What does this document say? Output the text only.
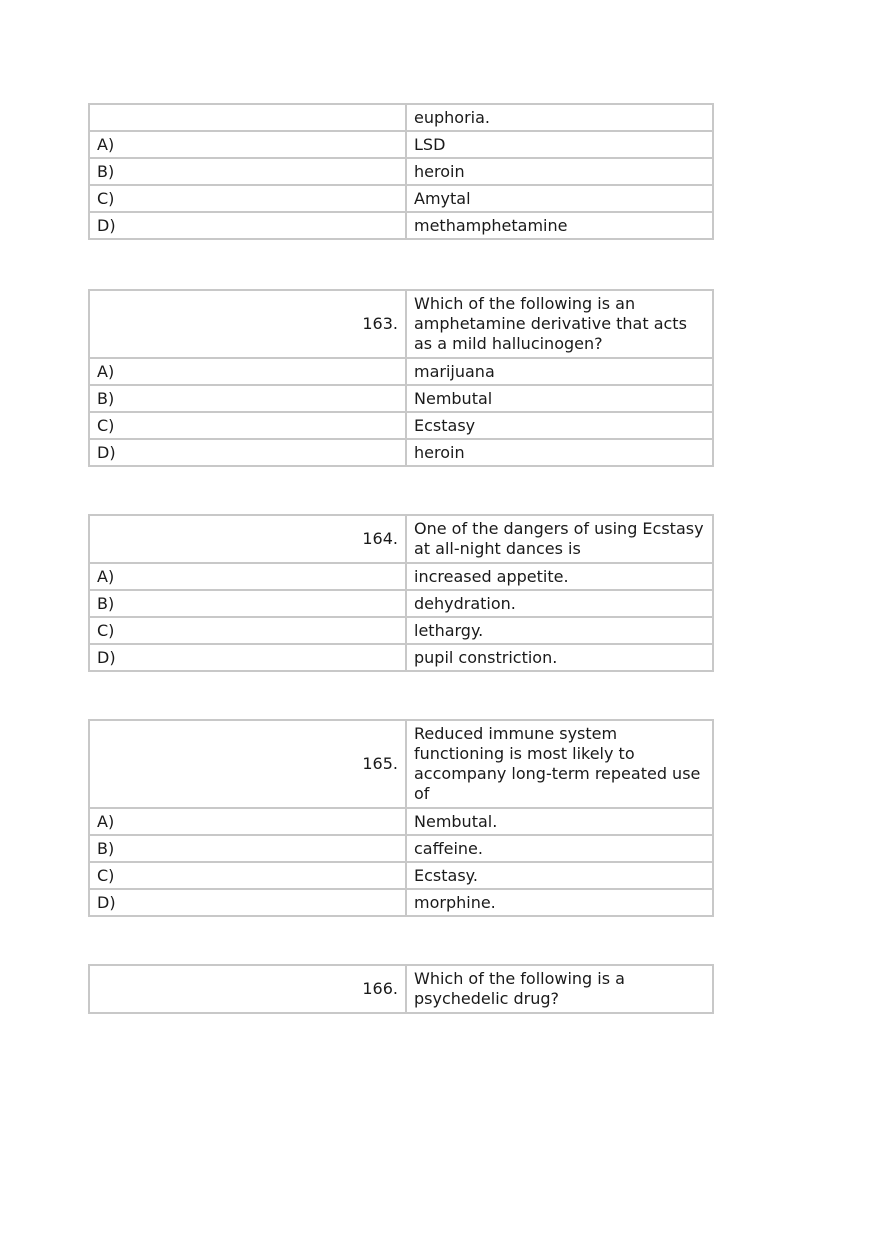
	euphoria.
A)	LSD
B)	heroin
C)	Amytal
D)	methamphetamine
163.	Which of the following is an amphetamine derivative that acts as a mild hallucinogen?
A)	marijuana
B)	Nembutal
C)	Ecstasy
D)	heroin
164.	One of the dangers of using Ecstasy at all-night dances is
A)	increased appetite.
B)	dehydration.
C)	lethargy.
D)	pupil constriction.
165.	Reduced immune system functioning is most likely to accompany long-term repeated use of
A)	Nembutal.
B)	caffeine.
C)	Ecstasy.
D)	morphine.
166.	Which of the following is a psychedelic drug?
